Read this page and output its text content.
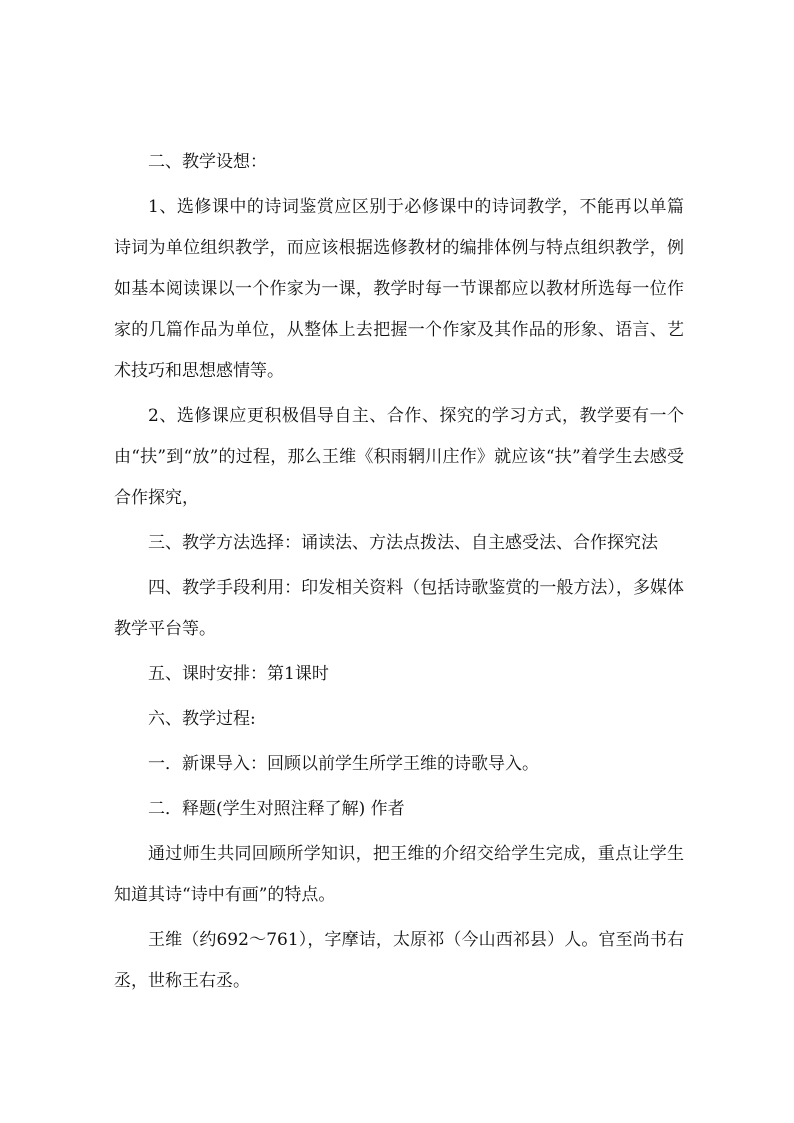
二、教学设想：

1、选修课中的诗词鉴赏应区别于必修课中的诗词教学，不能再以单篇诗词为单位组织教学，而应该根据选修教材的编排体例与特点组织教学，例如基本阅读课以一个作家为一课，教学时每一节课都应以教材所选每一位作家的几篇作品为单位，从整体上去把握一个作家及其作品的形象、语言、艺术技巧和思想感情等。

2、选修课应更积极倡导自主、合作、探究的学习方式，教学要有一个由“扶”到“放”的过程，那么王维《积雨辋川庄作》就应该“扶”着学生去感受合作探究，

三、教学方法选择：诵读法、方法点拨法、自主感受法、合作探究法

四、教学手段利用：印发相关资料（包括诗歌鉴赏的一般方法），多媒体教学平台等。

五、课时安排：第1课时

六、教学过程:

一．新课导入：回顾以前学生所学王维的诗歌导入。

二．释题(学生对照注释了解) 作者

通过师生共同回顾所学知识，把王维的介绍交给学生完成，重点让学生知道其诗“诗中有画”的特点。

王维（约692～761），字摩诘，太原祁（今山西祁县）人。官至尚书右丞，世称王右丞。
